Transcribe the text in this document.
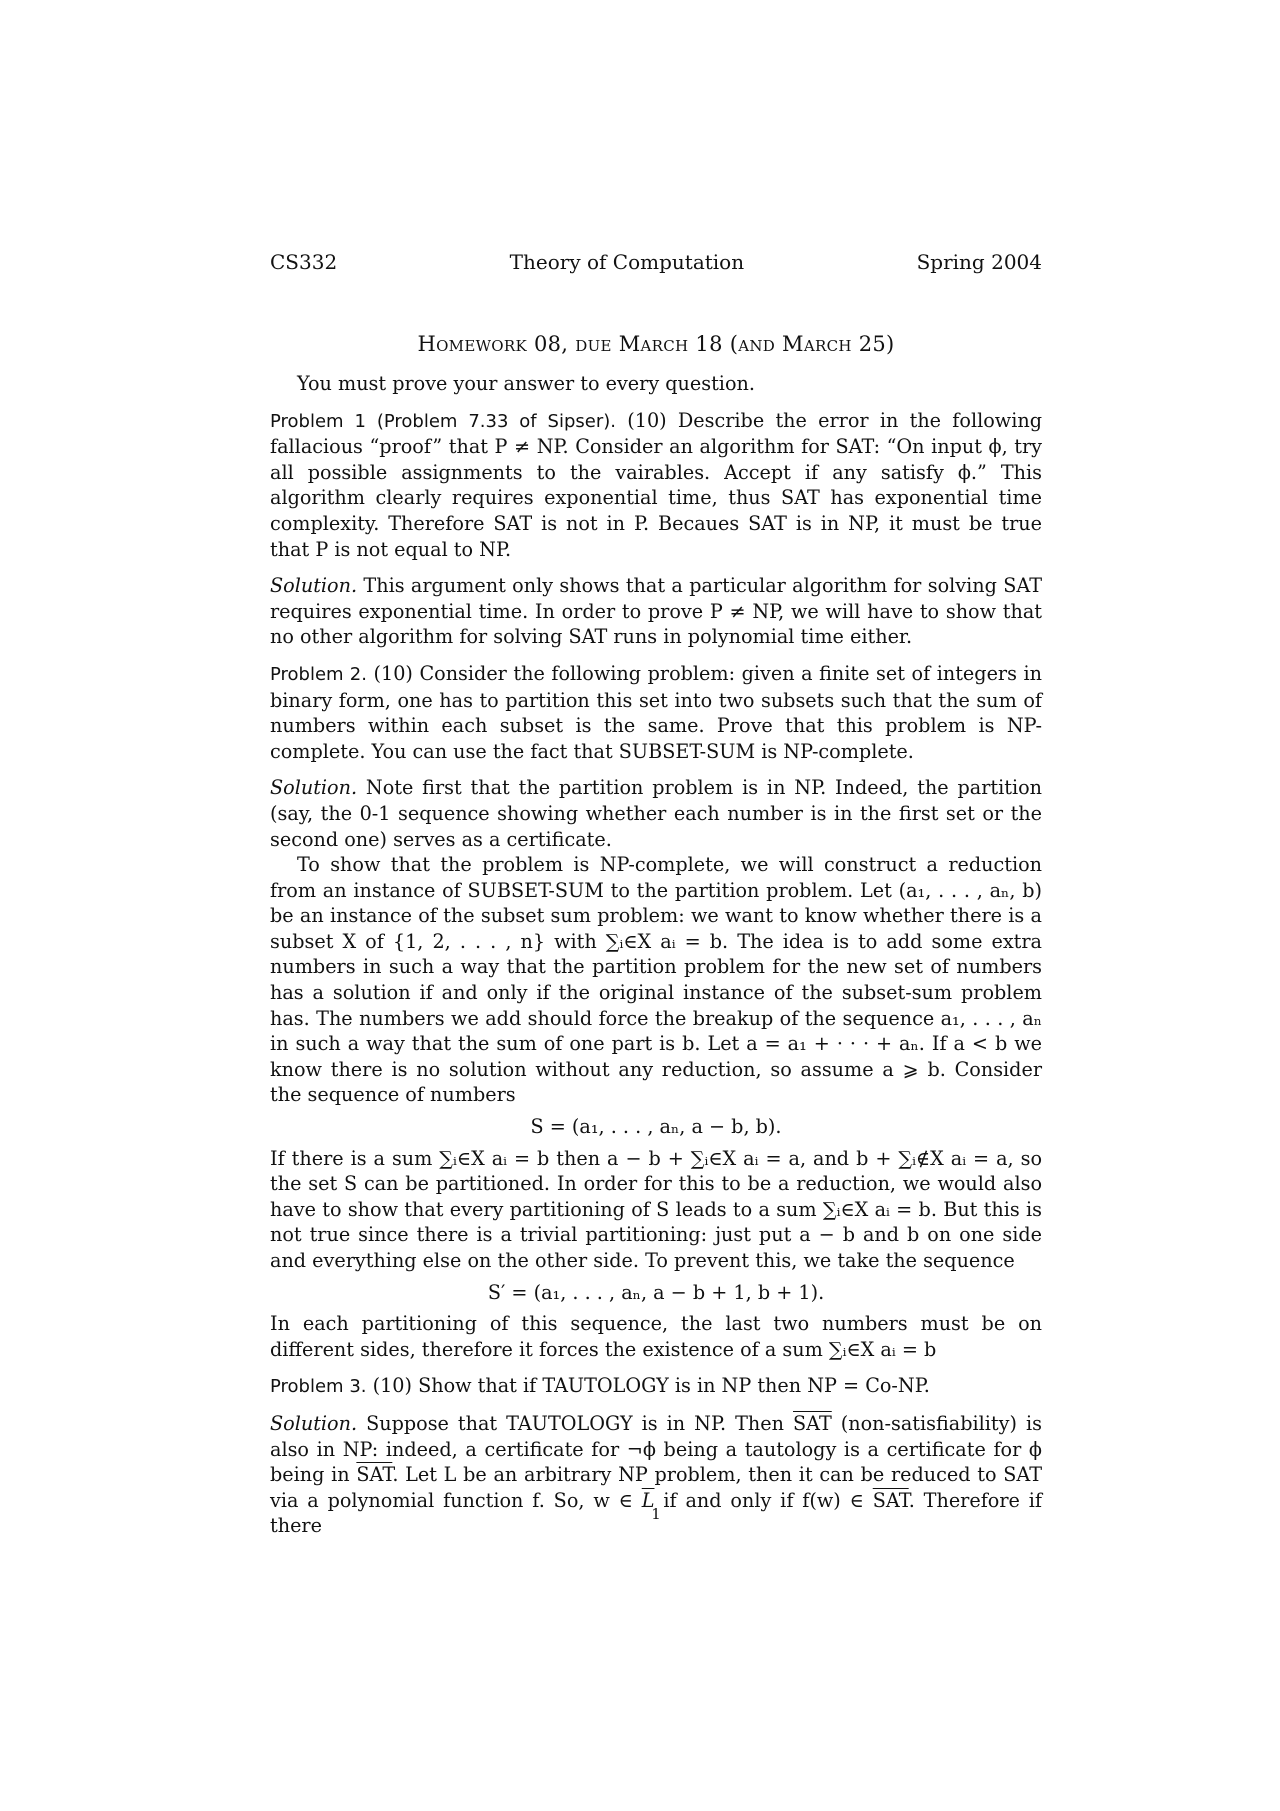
CS332	Theory of Computation	Spring 2004
Homework 08, due March 18 (and March 25)

You must prove your answer to every question.

Problem 1 (Problem 7.33 of Sipser). (10) Describe the error in the following fallacious “proof” that P ≠ NP. Consider an algorithm for SAT: “On input ϕ, try all possible assignments to the vairables. Accept if any satisfy ϕ.” This algorithm clearly requires exponential time, thus SAT has exponential time complexity. Therefore SAT is not in P. Becaues SAT is in NP, it must be true that P is not equal to NP.

Solution. This argument only shows that a particular algorithm for solving SAT requires exponential time. In order to prove P ≠ NP, we will have to show that no other algorithm for solving SAT runs in polynomial time either.

Problem 2. (10) Consider the following problem: given a finite set of integers in binary form, one has to partition this set into two subsets such that the sum of numbers within each subset is the same. Prove that this problem is NP-complete. You can use the fact that SUBSET-SUM is NP-complete.

Solution. Note first that the partition problem is in NP. Indeed, the partition (say, the 0-1 sequence showing whether each number is in the first set or the second one) serves as a certificate.

To show that the problem is NP-complete, we will construct a reduction from an instance of SUBSET-SUM to the partition problem. Let (a₁, . . . , aₙ, b) be an instance of the subset sum problem: we want to know whether there is a subset X of {1, 2, . . . , n} with ∑ᵢ∈X aᵢ = b. The idea is to add some extra numbers in such a way that the partition problem for the new set of numbers has a solution if and only if the original instance of the subset-sum problem has. The numbers we add should force the breakup of the sequence a₁, . . . , aₙ in such a way that the sum of one part is b. Let a = a₁ + · · · + aₙ. If a < b we know there is no solution without any reduction, so assume a ⩾ b. Consider the sequence of numbers

S = (a₁, . . . , aₙ, a − b, b).

If there is a sum ∑ᵢ∈X aᵢ = b then a − b + ∑ᵢ∈X aᵢ = a, and b + ∑ᵢ∉X aᵢ = a, so the set S can be partitioned. In order for this to be a reduction, we would also have to show that every partitioning of S leads to a sum ∑ᵢ∈X aᵢ = b. But this is not true since there is a trivial partitioning: just put a − b and b on one side and everything else on the other side. To prevent this, we take the sequence

S′ = (a₁, . . . , aₙ, a − b + 1, b + 1).

In each partitioning of this sequence, the last two numbers must be on different sides, therefore it forces the existence of a sum ∑ᵢ∈X aᵢ = b

Problem 3. (10) Show that if TAUTOLOGY is in NP then NP = Co-NP.

Solution. Suppose that TAUTOLOGY is in NP. Then $\overline{SAT}$ (non-satisfiability) is also in NP: indeed, a certificate for ¬ϕ being a tautology is a certificate for ϕ being in $\overline{SAT}$. Let L be an arbitrary NP problem, then it can be reduced to SAT via a polynomial function f. So, w ∈ $\overline{L}$ if and only if f(w) ∈ $\overline{SAT}$. Therefore if there

1
